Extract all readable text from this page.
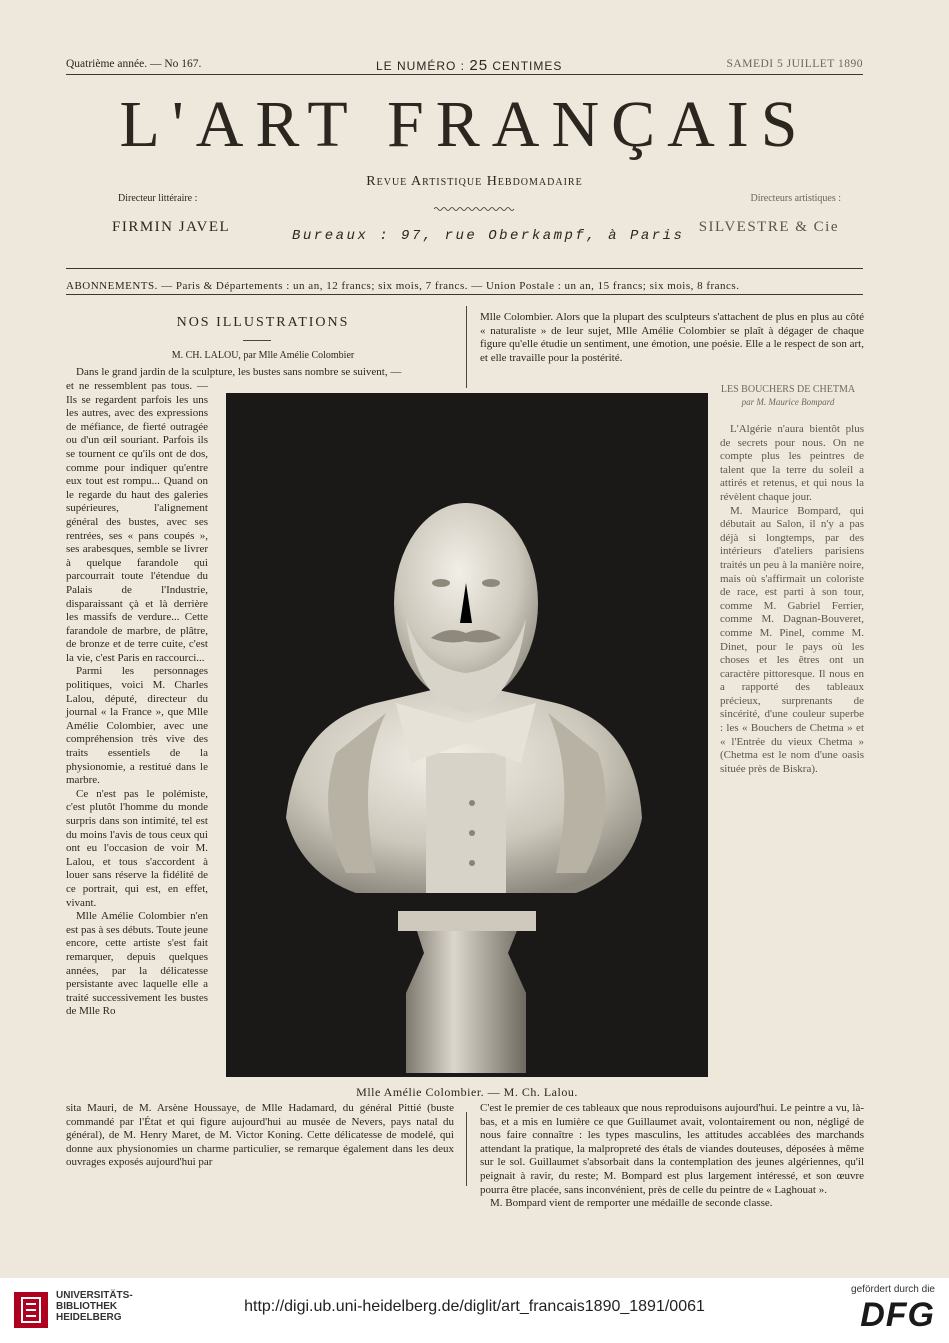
Quatrième année. — No 167.	LE NUMÉRO : 25 CENTIMES	SAMEDI 5 JUILLET 1890
L'ART FRANÇAIS
Revue Artistique Hebdomadaire
Directeur littéraire :	Directeurs artistiques :
FIRMIN JAVEL
Bureaux : 97, rue Oberkampf, à Paris
SILVESTRE & Cie
ABONNEMENTS. — Paris & Départements : un an, 12 francs; six mois, 7 francs. — Union Postale : un an, 15 francs; six mois, 8 francs.
NOS ILLUSTRATIONS
M. CH. LALOU, par Mlle Amélie Colombier

Dans le grand jardin de la sculpture, les bustes sans nombre se suivent, —

et ne ressemblent pas tous. — Ils se regardent parfois les uns les autres, avec des expressions de méfiance, de fierté outragée ou d'un œil souriant. Parfois ils se tournent ce qu'ils ont de dos, comme pour indiquer qu'entre eux tout est rompu... Quand on le regarde du haut des galeries supérieures, l'alignement général des bustes, avec ses rentrées, ses « pans coupés », ses arabesques, semble se livrer à quelque farandole qui parcourrait toute l'étendue du Palais de l'Industrie, disparaissant çà et là derrière les massifs de verdure... Cette farandole de marbre, de plâtre, de bronze et de terre cuite, c'est la vie, c'est Paris en raccourci...

Parmi les personnages politiques, voici M. Charles Lalou, député, directeur du journal « la France », que Mlle Amélie Colombier, avec une compréhension très vive des traits essentiels de la physionomie, a restitué dans le marbre.

Ce n'est pas le polémiste, c'est plutôt l'homme du monde surpris dans son intimité, tel est du moins l'avis de tous ceux qui ont eu l'occasion de voir M. Lalou, et tous s'accordent à louer sans réserve la fidélité de ce portrait, qui est, en effet, vivant.

Mlle Amélie Colombier n'en est pas à ses débuts. Toute jeune encore, cette artiste s'est fait remarquer, depuis quelques années, par la délicatesse persistante avec laquelle elle a traité successivement les bustes de Mlle Ro

Mlle Colombier. Alors que la plupart des sculpteurs s'attachent de plus en plus au côté « naturaliste » de leur sujet, Mlle Amélie Colombier se plaît à dégager de chaque figure qu'elle étudie un sentiment, une émotion, une poésie. Elle a le respect de son art, et elle travaille pour la postérité.

Mlle Amélie Colombier. — M. Ch. Lalou.
LES BOUCHERS DE CHETMA
par M. Maurice Bompard

L'Algérie n'aura bientôt plus de secrets pour nous. On ne compte plus les peintres de talent que la terre du soleil a attirés et retenus, et qui nous la révèlent chaque jour.

M. Maurice Bompard, qui débutait au Salon, il n'y a pas déjà si longtemps, par des intérieurs d'ateliers parisiens traités un peu à la manière noire, mais où s'affirmait un coloriste de race, est parti à son tour, comme M. Gabriel Ferrier, comme M. Dagnan-Bouveret, comme M. Pinel, comme M. Dinet, pour le pays où les choses et les êtres ont un caractère pittoresque. Il nous en a rapporté des tableaux précieux, surprenants de sincérité, d'une couleur superbe : les « Bouchers de Chetma » et « l'Entrée du vieux Chetma » (Chetma est le nom d'une oasis située près de Biskra).

sita Mauri, de M. Arsène Houssaye, de Mlle Hadamard, du général Pittié (buste commandé par l'État et qui figure aujourd'hui au musée de Nevers, pays natal du général), de M. Henry Maret, de M. Victor Koning. Cette délicatesse de modelé, qui donne aux physionomies un charme particulier, se remarque également dans les deux ouvrages exposés aujourd'hui par

C'est le premier de ces tableaux que nous reproduisons aujourd'hui. Le peintre a vu, là-bas, et a mis en lumière ce que Guillaumet avait, volontairement ou non, négligé de nous faire connaître : les types masculins, les attitudes accablées des marchands attendant la pratique, la malpropreté des étals de viandes douteuses, déposées à même sur le sol. Guillaumet s'absorbait dans la contemplation des jeunes algériennes, qu'il peignait à ravir, du reste; M. Bompard est plus largement intéressé, et son œuvre pourra être placée, sans inconvénient, près de celle du peintre de « Laghouat ».

M. Bompard vient de remporter une médaille de seconde classe.

UNIVERSITÄTS-
BIBLIOTHEK
HEIDELBERG
http://digi.ub.uni-heidelberg.de/diglit/art_francais1890_1891/0061
gefördert durch die
DFG
